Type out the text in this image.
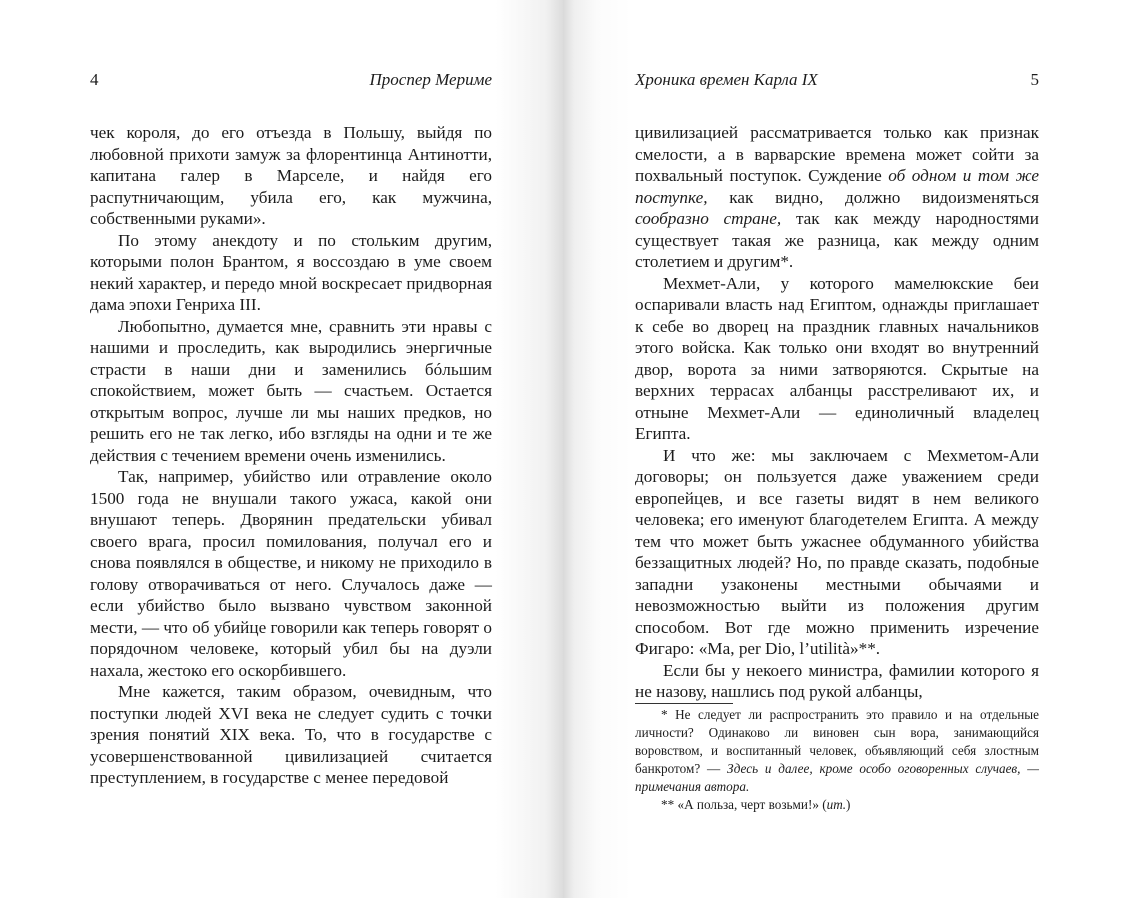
4	Проспер Мериме

чек короля, до его отъезда в Польшу, выйдя по любовной прихоти замуж за флорентинца Антинотти, капитана галер в Марселе, и найдя его распутничающим, убила его, как мужчина, собственными руками».

По этому анекдоту и по стольким другим, которыми полон Брантом, я воссоздаю в уме своем некий характер, и передо мной воскресает придворная дама эпохи Генриха III.

Любопытно, думается мне, сравнить эти нравы с нашими и проследить, как выродились энергичные страсти в наши дни и заменились бóльшим спокойствием, может быть — счастьем. Остается открытым вопрос, лучше ли мы наших предков, но решить его не так легко, ибо взгляды на одни и те же действия с течением времени очень изменились.

Так, например, убийство или отравление около 1500 года не внушали такого ужаса, какой они внушают теперь. Дворянин предательски убивал своего врага, просил помилования, получал его и снова появлялся в обществе, и никому не приходило в голову отворачиваться от него. Случалось даже — если убийство было вызвано чувством законной мести, — что об убийце говорили как теперь говорят о порядочном человеке, который убил бы на дуэли нахала, жестоко его оскорбившего.

Мне кажется, таким образом, очевидным, что поступки людей XVI века не следует судить с точки зрения понятий XIX века. То, что в государстве с усовершенствованной цивилизацией считается преступлением, в государстве с менее передовой

Хроника времен Карла IX	5

цивилизацией рассматривается только как признак смелости, а в варварские времена может сойти за похвальный поступок. Суждение об одном и том же поступке, как видно, должно видоизменяться сообразно стране, так как между народностями существует такая же разница, как между одним столетием и другим*.

Мехмет-Али, у которого мамелюкские беи оспаривали власть над Египтом, однажды приглашает к себе во дворец на праздник главных начальников этого войска. Как только они входят во внутренний двор, ворота за ними затворяются. Скрытые на верхних террасах албанцы расстреливают их, и отныне Мехмет-Али — единоличный владелец Египта.

И что же: мы заключаем с Мехметом-Али договоры; он пользуется даже уважением среди европейцев, и все газеты видят в нем великого человека; его именуют благодетелем Египта. А между тем что может быть ужаснее обдуманного убийства беззащитных людей? Но, по правде сказать, подобные западни узаконены местными обычаями и невозможностью выйти из положения другим способом. Вот где можно применить изречение Фигаро: «Ma, per Dio, l’utilità»**.

Если бы у некоего министра, фамилии которого я не назову, нашлись под рукой албанцы,

* Не следует ли распространить это правило и на отдельные личности? Одинаково ли виновен сын вора, занимающийся воровством, и воспитанный человек, объявляющий себя злостным банкротом? — Здесь и далее, кроме особо оговоренных случаев, — примечания автора.

** «А польза, черт возьми!» (um.)
